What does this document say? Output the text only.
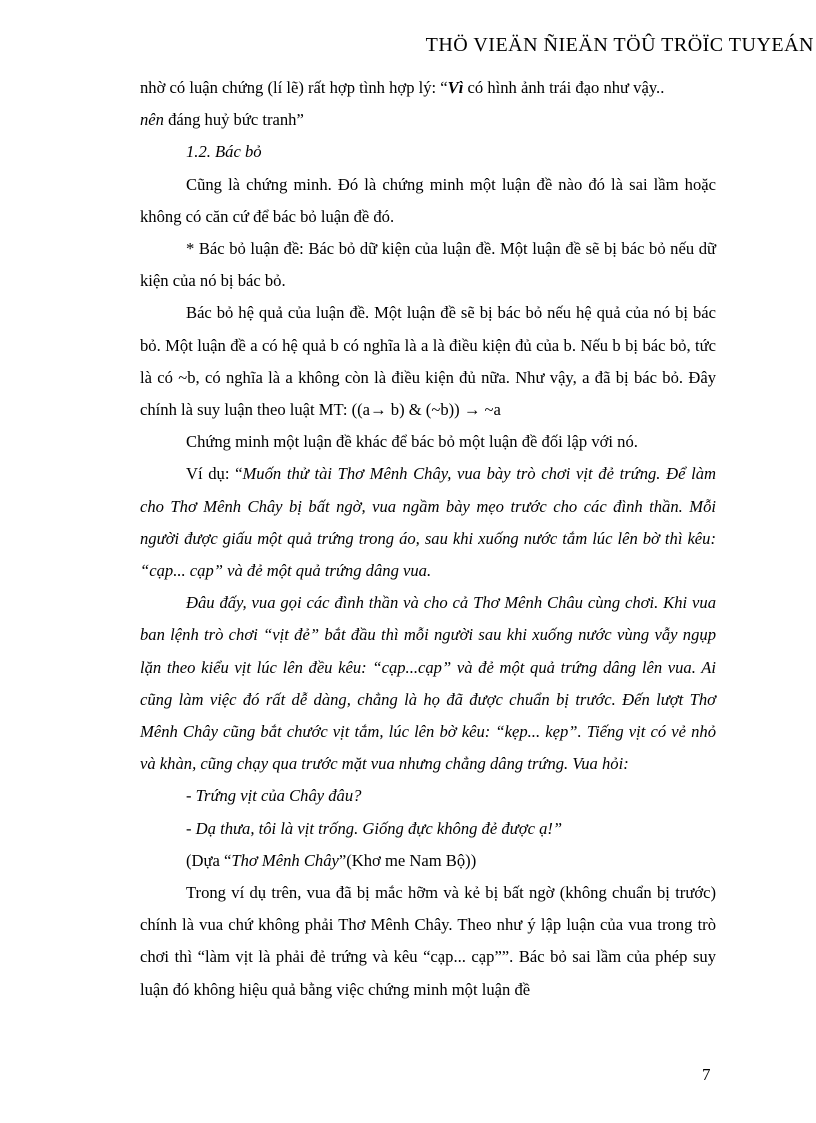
THÖ VIEÄN ÑIEÄN TÖÛ TRÖÏC TUYEÁN

nhờ có luận chứng (lí lẽ) rất hợp tình hợp lý: “Vì có hình ảnh trái đạo như vậy..
nên đáng huỷ bức tranh”

1.2. Bác bỏ

Cũng là chứng minh. Đó là chứng minh một luận đề nào đó là sai lầm hoặc không có căn cứ để bác bỏ luận đề đó.

* Bác bỏ luận đề: Bác bỏ dữ kiện của luận đề. Một luận đề sẽ bị bác bỏ nếu dữ kiện của nó bị bác bỏ.

Bác bỏ hệ quả của luận đề. Một luận đề sẽ bị bác bỏ nếu hệ quả của nó bị bác bỏ. Một luận đề a có hệ quả b có nghĩa là a là điều kiện đủ của b. Nếu b bị bác bỏ, tức là có ~b, có nghĩa là a không còn là điều kiện đủ nữa. Như vậy, a đã bị bác bỏ. Đây chính là suy luận theo luật MT: ((a→ b) & (~b)) → ~a

Chứng minh một luận đề khác để bác bỏ một luận đề đối lập với nó.

Ví dụ: “Muốn thử tài Thơ Mênh Chây, vua bày trò chơi vịt đẻ trứng. Để làm cho Thơ Mênh Chây bị bất ngờ, vua ngầm bày mẹo trước cho các đình thần. Mỗi người được giấu một quả trứng trong áo, sau khi xuống nước tắm lúc lên bờ thì kêu: “cạp... cạp” và đẻ một quả trứng dâng vua.

Đâu đấy, vua gọi các đình thần và cho cả Thơ Mênh Châu cùng chơi. Khi vua ban lệnh trò chơi “vịt đẻ” bắt đầu thì mỗi người sau khi xuống nước vùng vẫy ngụp lặn theo kiểu vịt lúc lên đều kêu: “cạp...cạp” và đẻ một quả trứng dâng lên vua. Ai cũng làm việc đó rất dễ dàng, chẳng là họ đã được chuẩn bị trước. Đến lượt Thơ Mênh Chây cũng bắt chước vịt tắm, lúc lên bờ kêu: “kẹp... kẹp”. Tiếng vịt có vẻ nhỏ và khàn, cũng chạy qua trước mặt vua nhưng chẳng dâng trứng. Vua hỏi:

- Trứng vịt của Chây đâu?

- Dạ thưa, tôi là vịt trống. Giống đực không đẻ được ạ!”

(Dựa “Thơ Mênh Chây”(Khơ me Nam Bộ))

Trong ví dụ trên, vua đã bị mắc hỡm và kẻ bị bất ngờ (không chuẩn bị trước) chính là vua chứ không phải Thơ Mênh Chây. Theo như ý lập luận của vua trong trò chơi thì “làm vịt là phải đẻ trứng và kêu “cạp... cạp””. Bác bỏ sai lầm của phép suy luận đó không hiệu quả bằng việc chứng minh một luận đề

7
